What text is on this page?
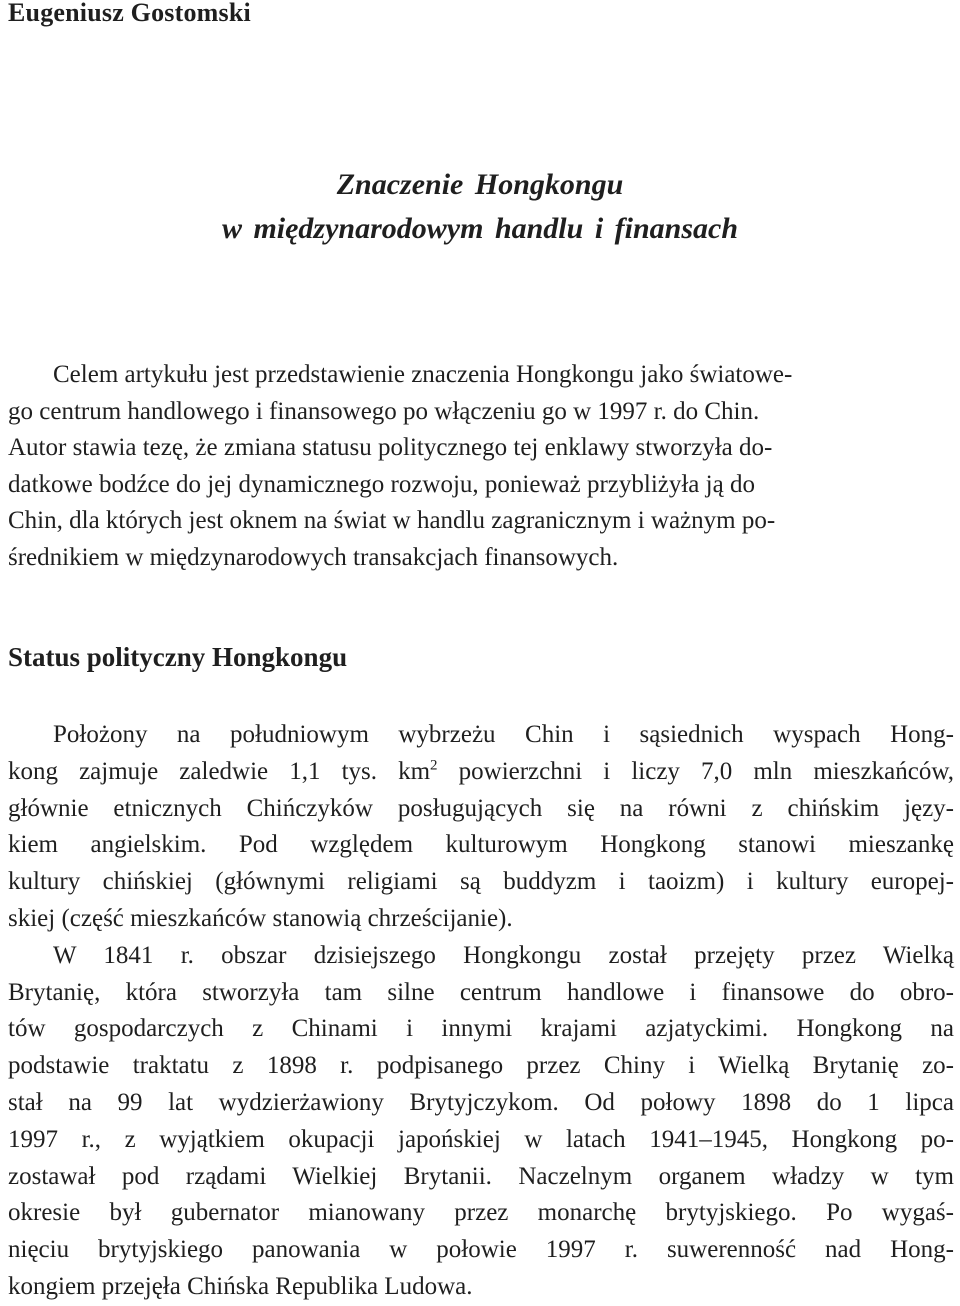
Eugeniusz Gostomski
Znaczenie Hongkongu
w międzynarodowym handlu i finansach
Celem artykułu jest przedstawienie znaczenia Hongkongu jako światowe-
go centrum handlowego i finansowego po włączeniu go w 1997 r. do Chin.
Autor stawia tezę, że zmiana statusu politycznego tej enklawy stworzyła do-
datkowe bodźce do jej dynamicznego rozwoju, ponieważ przybliżyła ją do
Chin, dla których jest oknem na świat w handlu zagranicznym i ważnym po-
średnikiem w międzynarodowych transakcjach finansowych.
Status polityczny Hongkongu
Położony na południowym wybrzeżu Chin i sąsiednich wyspach Hong-
kong zajmuje zaledwie 1,1 tys. $km^2$ powierzchni i liczy 7,0 mln mieszkańców,
głównie etnicznych Chińczyków posługujących się na równi z chińskim języ-
kiem angielskim. Pod względem kulturowym Hongkong stanowi mieszankę
kultury chińskiej (głównymi religiami są buddyzm i taoizm) i kultury europej-
skiej (część mieszkańców stanowią chrześcijanie).
W 1841 r. obszar dzisiejszego Hongkongu został przejęty przez Wielką
Brytanię, która stworzyła tam silne centrum handlowe i finansowe do obro-
tów gospodarczych z Chinami i innymi krajami azjatyckimi. Hongkong na
podstawie traktatu z 1898 r. podpisanego przez Chiny i Wielką Brytanię zo-
stał na 99 lat wydzierżawiony Brytyjczykom. Od połowy 1898 do 1 lipca
1997 r., z wyjątkiem okupacji japońskiej w latach 1941–1945, Hongkong po-
zostawał pod rządami Wielkiej Brytanii. Naczelnym organem władzy w tym
okresie był gubernator mianowany przez monarchę brytyjskiego. Po wygaś-
nięciu brytyjskiego panowania w połowie 1997 r. suwerenność nad Hong-
kongiem przejęła Chińska Republika Ludowa.
